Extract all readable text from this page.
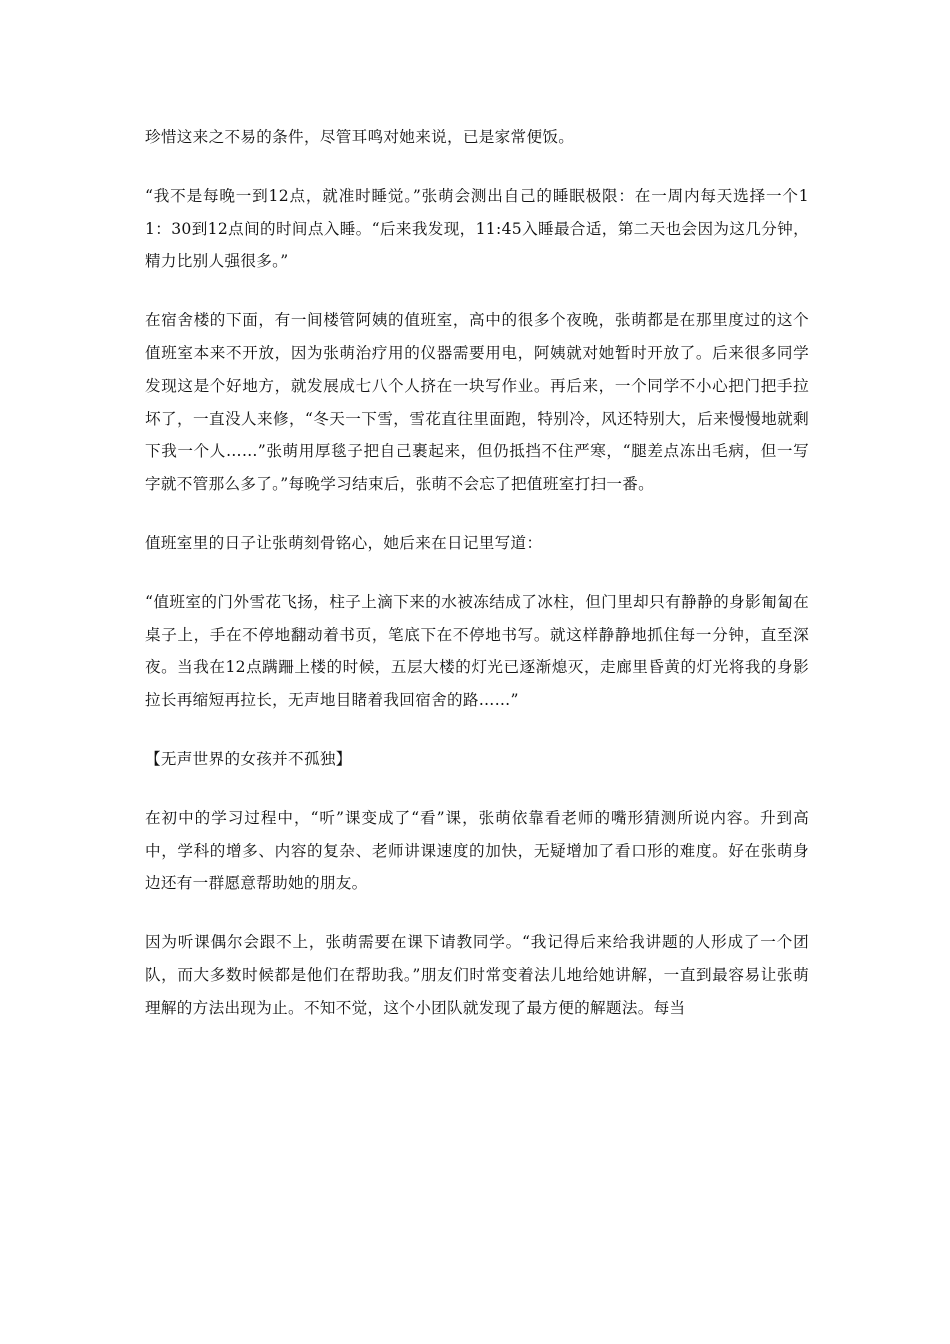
珍惜这来之不易的条件，尽管耳鸣对她来说，已是家常便饭。

“我不是每晚一到12点，就准时睡觉。”张萌会测出自己的睡眠极限：在一周内每天选择一个11：30到12点间的时间点入睡。“后来我发现，11:45入睡最合适，第二天也会因为这几分钟，精力比别人强很多。”

在宿舍楼的下面，有一间楼管阿姨的值班室，高中的很多个夜晚，张萌都是在那里度过的这个值班室本来不开放，因为张萌治疗用的仪器需要用电，阿姨就对她暂时开放了。后来很多同学发现这是个好地方，就发展成七八个人挤在一块写作业。再后来，一个同学不小心把门把手拉坏了，一直没人来修，“冬天一下雪，雪花直往里面跑，特别冷，风还特别大，后来慢慢地就剩下我一个人……”张萌用厚毯子把自己裹起来，但仍抵挡不住严寒，“腿差点冻出毛病，但一写字就不管那么多了。”每晚学习结束后，张萌不会忘了把值班室打扫一番。

值班室里的日子让张萌刻骨铭心，她后来在日记里写道：

“值班室的门外雪花飞扬，柱子上滴下来的水被冻结成了冰柱，但门里却只有静静的身影匍匐在桌子上，手在不停地翻动着书页，笔底下在不停地书写。就这样静静地抓住每一分钟，直至深夜。当我在12点蹒跚上楼的时候，五层大楼的灯光已逐渐熄灭，走廊里昏黄的灯光将我的身影拉长再缩短再拉长，无声地目睹着我回宿舍的路……”

【无声世界的女孩并不孤独】

在初中的学习过程中，“听”课变成了“看”课，张萌依靠看老师的嘴形猜测所说内容。升到高中，学科的增多、内容的复杂、老师讲课速度的加快，无疑增加了看口形的难度。好在张萌身边还有一群愿意帮助她的朋友。

因为听课偶尔会跟不上，张萌需要在课下请教同学。“我记得后来给我讲题的人形成了一个团队，而大多数时候都是他们在帮助我。”朋友们时常变着法儿地给她讲解，一直到最容易让张萌理解的方法出现为止。不知不觉，这个小团队就发现了最方便的解题法。每当
